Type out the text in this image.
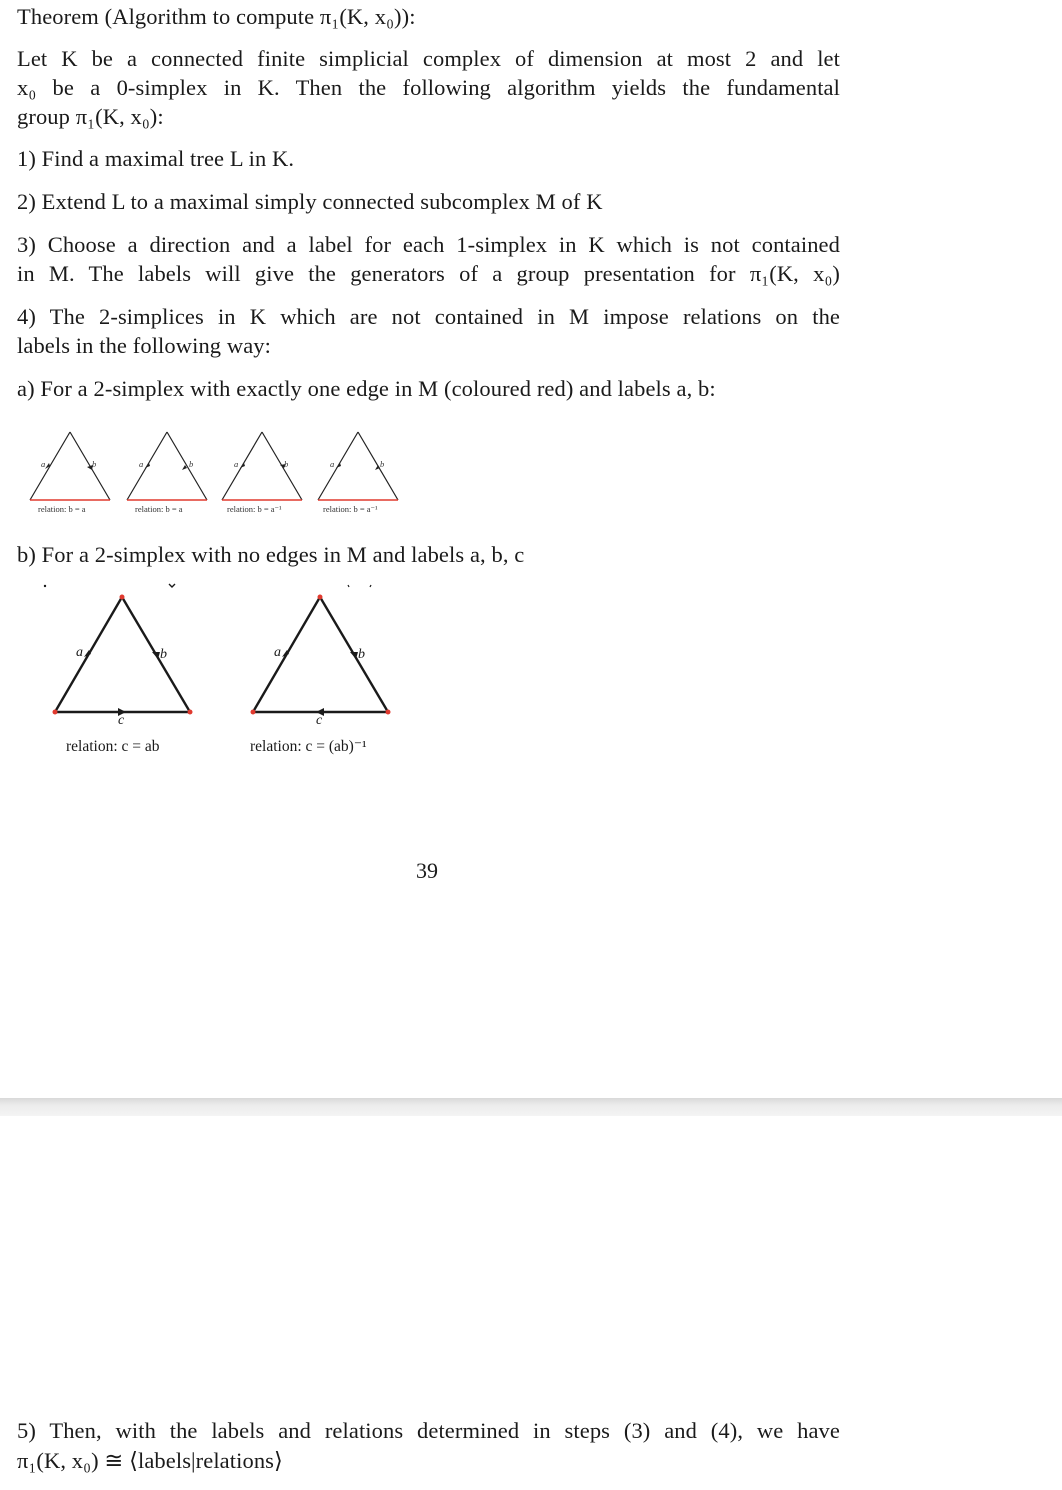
Theorem (Algorithm to compute π₁(K, x₀)):
Let K be a connected finite simplicial complex of dimension at most 2 and let
x₀ be a 0-simplex in K. Then the following algorithm yields the fundamental
group π₁(K, x₀):
1) Find a maximal tree L in K.
2) Extend L to a maximal simply connected subcomplex M of K
3) Choose a direction and a label for each 1-simplex in K which is not contained
in M. The labels will give the generators of a group presentation for π₁(K, x₀)
4) The 2-simplices in K which are not contained in M impose relations on the
labels in the following way:
a) For a 2-simplex with exactly one edge in M (coloured red) and labels a, b:
a	b	a	b	a	b	a	b
relation: b = a	relation: b = a	relation: b = a⁻¹	relation: b = a⁻¹
b) For a 2-simplex with no edges in M and labels a, b, c
a	b
c
a	b
c
relation: c = ab	relation: c = (ab)⁻¹
39
5) Then, with the labels and relations determined in steps (3) and (4), we have
π₁(K, x₀) ≅ ⟨labels|relations⟩
